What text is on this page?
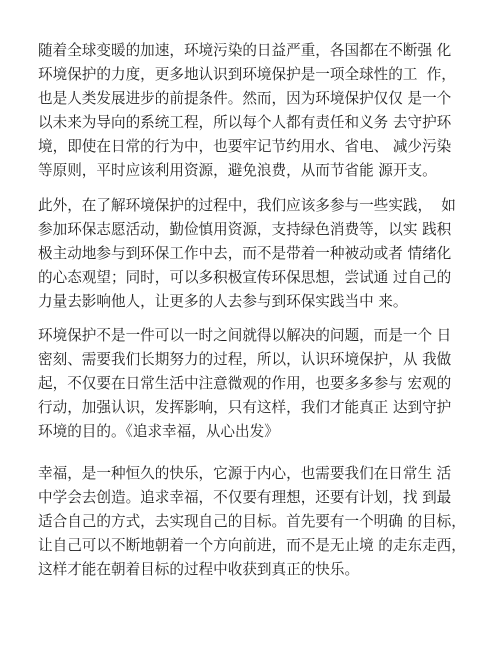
随着全球变暖的加速，环境污染的日益严重，各国都在不断强 化
环境保护的力度，更多地认识到环境保护是一项全球性的工  作，
也是人类发展进步的前提条件。然而，因为环境保护仅仅 是一个
以未来为导向的系统工程，所以每个人都有责任和义务 去守护环
境，即使在日常的行为中，也要牢记节约用水、省电、 减少污染
等原则，平时应该利用资源，避免浪费，从而节省能 源开支。
此外，在了解环境保护的过程中，我们应该多参与一些实践，  如
参加环保志愿活动，勤俭慎用资源，支持绿色消费等，以实 践积
极主动地参与到环保工作中去，而不是带着一种被动或者 情绪化
的心态观望；同时，可以多积极宣传环保思想，尝试通 过自己的
力量去影响他人，让更多的人去参与到环保实践当中 来。
环境保护不是一件可以一时之间就得以解决的问题，而是一个 日
密刻、需要我们长期努力的过程，所以，认识环境保护，从 我做
起，不仅要在日常生活中注意微观的作用，也要多多参与 宏观的
行动，加强认识，发挥影响，只有这样，我们才能真正 达到守护
环境的目的。《追求幸福，从心出发》
幸福，是一种恒久的快乐，它源于内心，也需要我们在日常生 活
中学会去创造。追求幸福，不仅要有理想，还要有计划，找 到最
适合自己的方式，去实现自己的目标。首先要有一个明确 的目标，
让自己可以不断地朝着一个方向前进，而不是无止境 的走东走西，
这样才能在朝着目标的过程中收获到真正的快乐。
